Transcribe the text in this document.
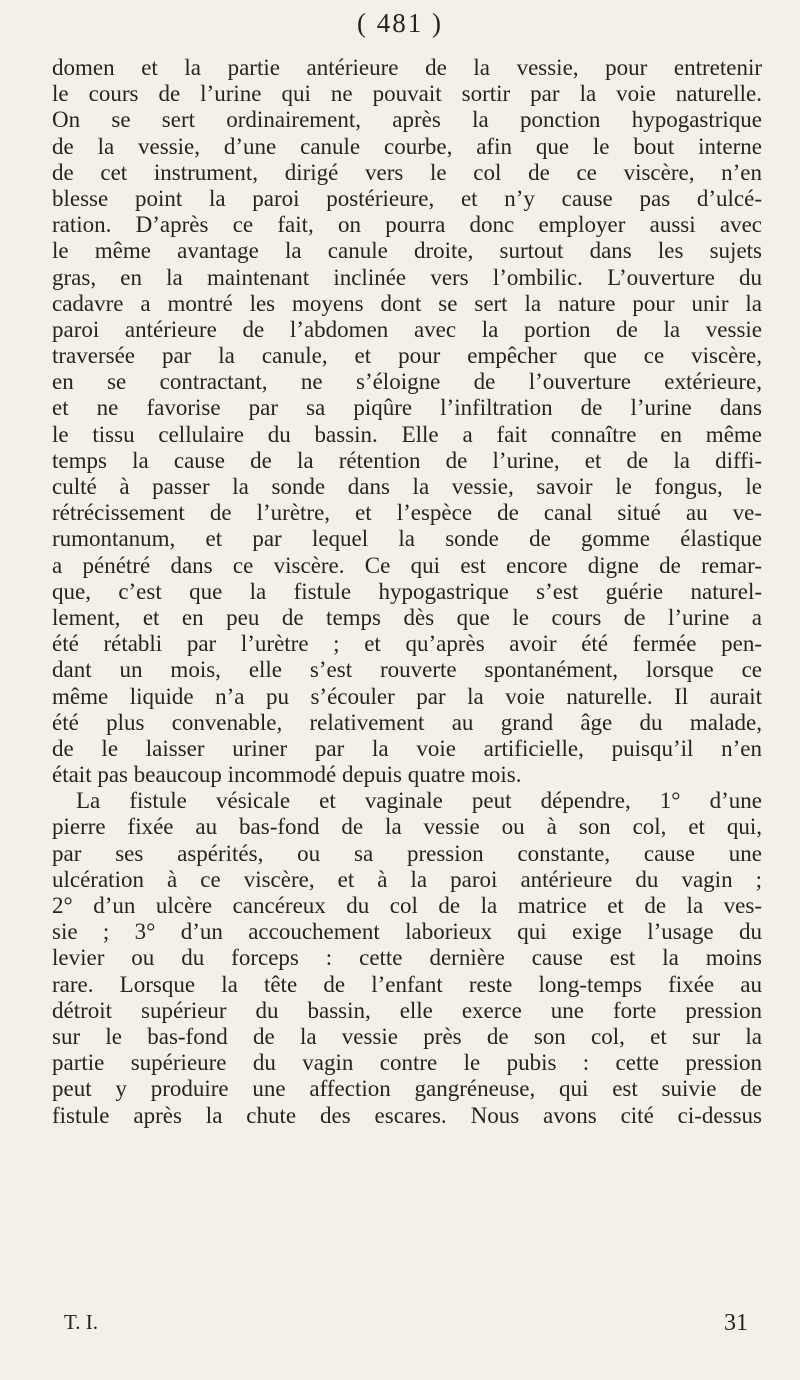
( 481 )
domen et la partie antérieure de la vessie, pour entretenir
le cours de l’urine qui ne pouvait sortir par la voie naturelle.
On se sert ordinairement, après la ponction hypogastrique
de la vessie, d’une canule courbe, afin que le bout interne
de cet instrument, dirigé vers le col de ce viscère, n’en
blesse point la paroi postérieure, et n’y cause pas d’ulcé-
ration. D’après ce fait, on pourra donc employer aussi avec
le même avantage la canule droite, surtout dans les sujets
gras, en la maintenant inclinée vers l’ombilic. L’ouverture du
cadavre a montré les moyens dont se sert la nature pour unir la
paroi antérieure de l’abdomen avec la portion de la vessie
traversée par la canule, et pour empêcher que ce viscère,
en se contractant, ne s’éloigne de l’ouverture extérieure,
et ne favorise par sa piqûre l’infiltration de l’urine dans
le tissu cellulaire du bassin. Elle a fait connaître en même
temps la cause de la rétention de l’urine, et de la diffi-
culté à passer la sonde dans la vessie, savoir le fongus, le
rétrécissement de l’urètre, et l’espèce de canal situé au ve-
rumontanum, et par lequel la sonde de gomme élastique
a pénétré dans ce viscère. Ce qui est encore digne de remar-
que, c’est que la fistule hypogastrique s’est guérie naturel-
lement, et en peu de temps dès que le cours de l’urine a
été rétabli par l’urètre ; et qu’après avoir été fermée pen-
dant un mois, elle s’est rouverte spontanément, lorsque ce
même liquide n’a pu s’écouler par la voie naturelle. Il aurait
été plus convenable, relativement au grand âge du malade,
de le laisser uriner par la voie artificielle, puisqu’il n’en
était pas beaucoup incommodé depuis quatre mois.
La fistule vésicale et vaginale peut dépendre, 1° d’une
pierre fixée au bas-fond de la vessie ou à son col, et qui,
par ses aspérités, ou sa pression constante, cause une
ulcération à ce viscère, et à la paroi antérieure du vagin ;
2° d’un ulcère cancéreux du col de la matrice et de la ves-
sie ; 3° d’un accouchement laborieux qui exige l’usage du
levier ou du forceps : cette dernière cause est la moins
rare. Lorsque la tête de l’enfant reste long-temps fixée au
détroit supérieur du bassin, elle exerce une forte pression
sur le bas-fond de la vessie près de son col, et sur la
partie supérieure du vagin contre le pubis : cette pression
peut y produire une affection gangréneuse, qui est suivie de
fistule après la chute des escares. Nous avons cité ci-dessus
T. I.	31
